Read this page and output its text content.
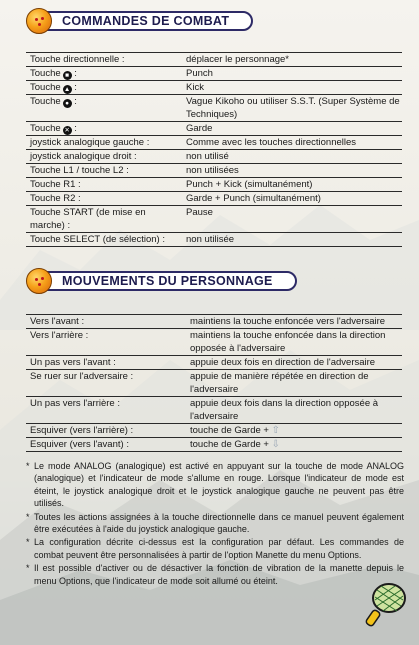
COMMANDES DE COMBAT
Touche directionnelle :	déplacer le personnage*
Touche ■ :	Punch
Touche ▲ :	Kick
Touche ● :	Vague Kikoho ou utiliser S.S.T. (Super Système de Techniques)
Touche ✕ :	Garde
joystick analogique gauche :	Comme avec les touches directionnelles
joystick analogique droit :	non utilisé
Touche L1 / touche L2 :	non utilisées
Touche R1 :	Punch + Kick (simultanément)
Touche R2 :	Garde + Punch (simultanément)
Touche START (de mise en marche) :	Pause
Touche SELECT (de sélection) :	non utilisée
MOUVEMENTS DU PERSONNAGE
Vers l'avant :	maintiens la touche enfoncée vers l'adversaire
Vers l'arrière :	maintiens la touche enfoncée dans la direction opposée à l'adversaire
Un pas vers l'avant :	appuie deux fois en direction de l'adversaire
Se ruer sur l'adversaire :	appuie de manière répétée en direction de l'adversaire
Un pas vers l'arrière :	appuie deux fois dans la direction opposée à l'adversaire
Esquiver (vers l'arrière) :	touche de Garde + ⇧
Esquiver (vers l'avant) :	touche de Garde + ⇩
* Le mode ANALOG (analogique) est activé en appuyant sur la touche de mode ANALOG (analogique) et l'indicateur de mode s'allume en rouge. Lorsque l'indicateur de mode est éteint, le joystick analogique droit et le joystick analogique gauche ne peuvent pas être utilisés.
* Toutes les actions assignées à la touche directionnelle dans ce manuel peuvent également être exécutées à l'aide du joystick analogique gauche.
* La configuration décrite ci-dessus est la configuration par défaut. Les commandes de combat peuvent être personnalisées à partir de l'option Manette du menu Options.
* Il est possible d'activer ou de désactiver la fonction de vibration de la manette depuis le menu Options, que l'indicateur de mode soit allumé ou éteint.
